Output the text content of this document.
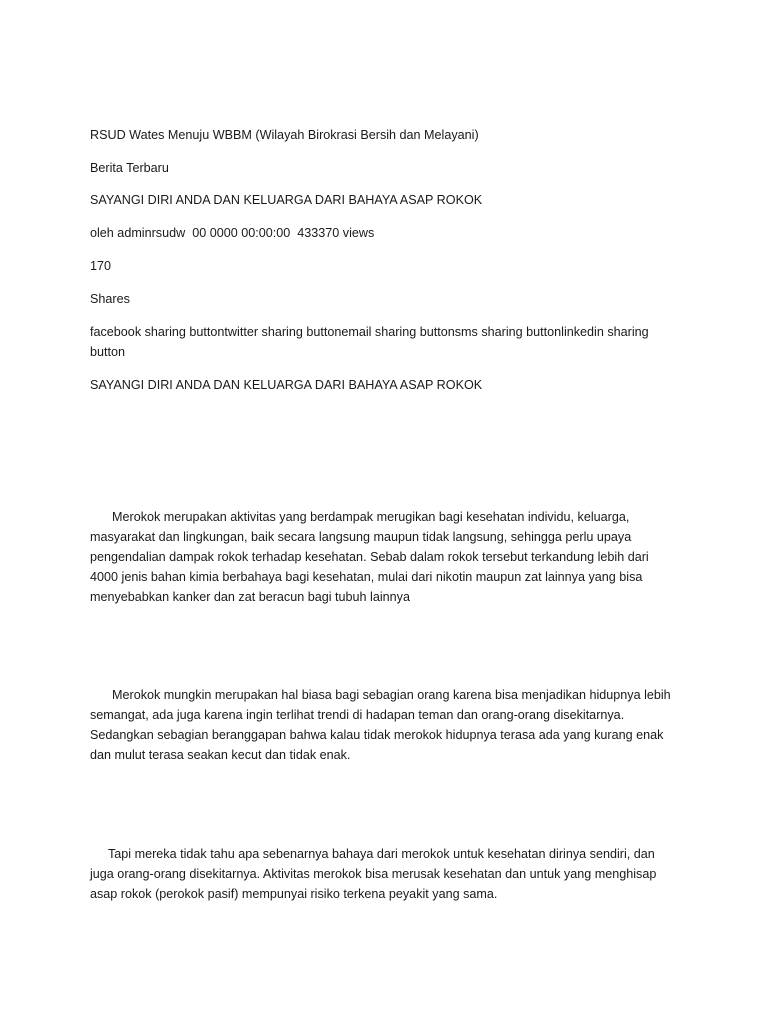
RSUD Wates Menuju WBBM (Wilayah Birokrasi Bersih dan Melayani)

Berita Terbaru

SAYANGI DIRI ANDA DAN KELUARGA DARI BAHAYA ASAP ROKOK

oleh adminrsudw  00 0000 00:00:00  433370 views

170

Shares

facebook sharing buttontwitter sharing buttonemail sharing buttonsms sharing buttonlinkedin sharing button

SAYANGI DIRI ANDA DAN KELUARGA DARI BAHAYA ASAP ROKOK

Merokok merupakan aktivitas yang berdampak merugikan bagi kesehatan individu, keluarga, masyarakat dan lingkungan, baik secara langsung maupun tidak langsung, sehingga perlu upaya pengendalian dampak rokok terhadap kesehatan. Sebab dalam rokok tersebut terkandung lebih dari 4000 jenis bahan kimia berbahaya bagi kesehatan, mulai dari nikotin maupun zat lainnya yang bisa menyebabkan kanker dan zat beracun bagi tubuh lainnya

Merokok mungkin merupakan hal biasa bagi sebagian orang karena bisa menjadikan hidupnya lebih semangat, ada juga karena ingin terlihat trendi di hadapan teman dan orang-orang disekitarnya. Sedangkan sebagian beranggapan bahwa kalau tidak merokok hidupnya terasa ada yang kurang enak dan mulut terasa seakan kecut dan tidak enak.

Tapi mereka tidak tahu apa sebenarnya bahaya dari merokok untuk kesehatan dirinya sendiri, dan juga orang-orang disekitarnya. Aktivitas merokok bisa merusak kesehatan dan untuk yang menghisap asap rokok (perokok pasif) mempunyai risiko terkena peyakit yang sama.
